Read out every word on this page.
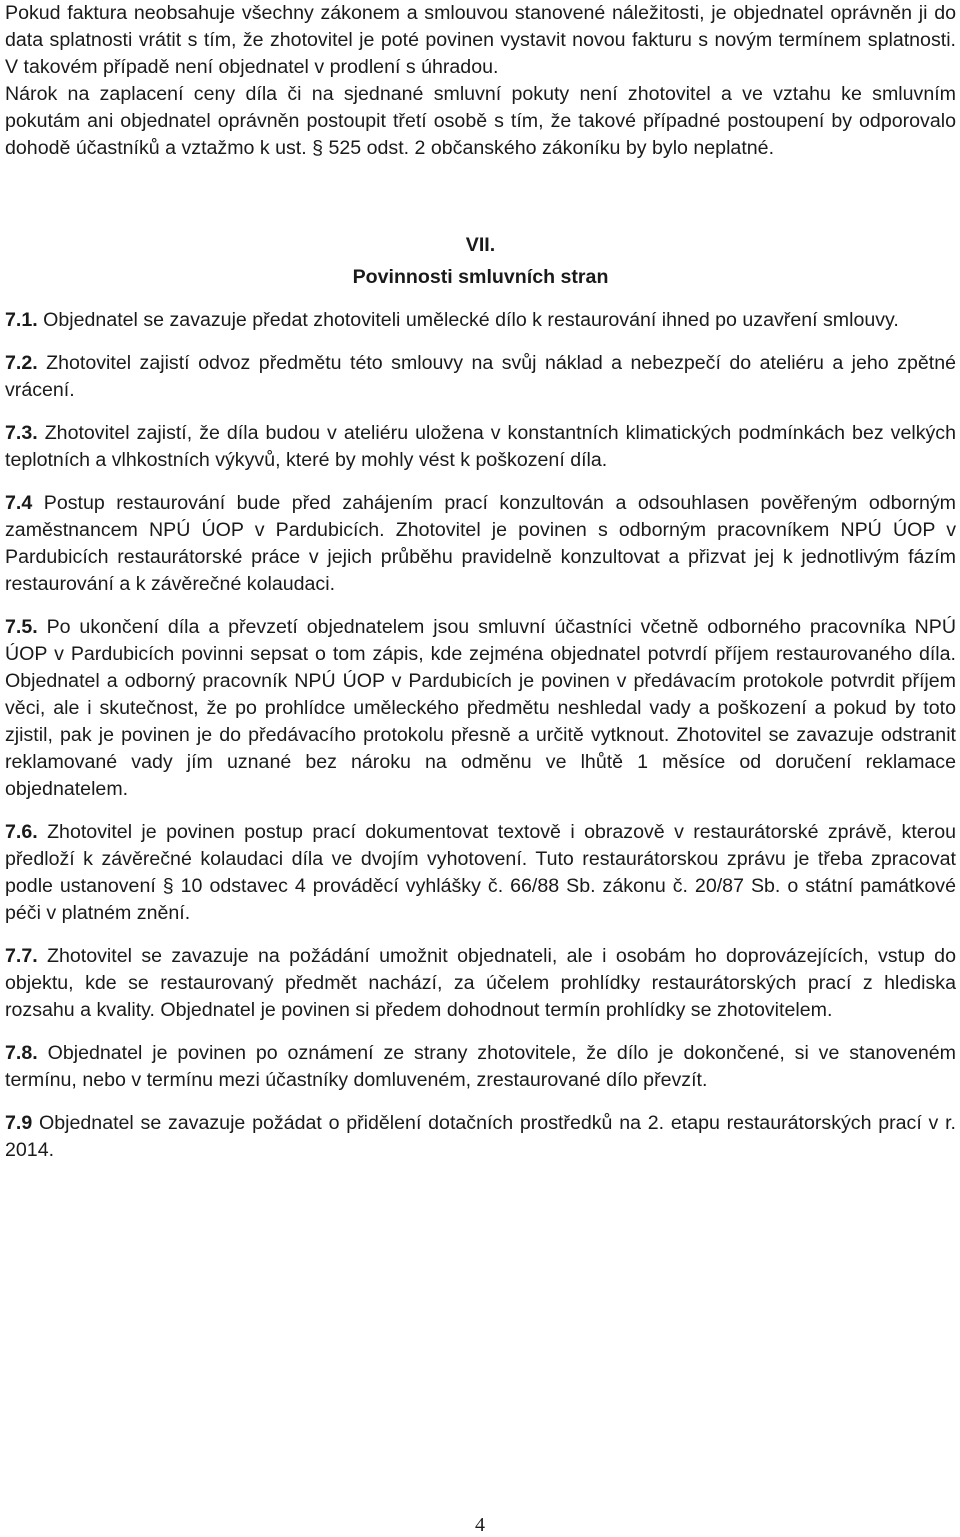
Pokud faktura neobsahuje všechny zákonem a smlouvou stanovené náležitosti, je objednatel oprávněn ji do data splatnosti vrátit s tím, že zhotovitel je poté povinen vystavit novou fakturu s novým termínem splatnosti. V takovém případě není objednatel v prodlení s úhradou.

Nárok na zaplacení ceny díla či na sjednané smluvní pokuty není zhotovitel a ve vztahu ke smluvním pokutám ani objednatel oprávněn postoupit třetí osobě s tím, že takové případné postoupení by odporovalo dohodě účastníků a vztažmo k ust. § 525 odst. 2 občanského zákoníku by bylo neplatné.

VII.

Povinnosti smluvních stran

7.1. Objednatel se zavazuje předat zhotoviteli umělecké dílo k restaurování ihned po uzavření smlouvy.

7.2. Zhotovitel zajistí odvoz předmětu této smlouvy na svůj náklad a nebezpečí do ateliéru a jeho zpětné vrácení.

7.3. Zhotovitel zajistí, že díla budou v ateliéru uložena v konstantních klimatických podmínkách bez velkých teplotních a vlhkostních výkyvů, které by mohly vést k poškození díla.

7.4 Postup restaurování bude před zahájením prací konzultován a odsouhlasen pověřeným odborným zaměstnancem NPÚ ÚOP v Pardubicích. Zhotovitel je povinen s odborným pracovníkem NPÚ ÚOP v Pardubicích restaurátorské práce v jejich průběhu pravidelně konzultovat a přizvat jej k jednotlivým fázím restaurování a k závěrečné kolaudaci.

7.5. Po ukončení díla a převzetí objednatelem jsou smluvní účastníci včetně odborného pracovníka NPÚ ÚOP v Pardubicích povinni sepsat o tom zápis, kde zejména objednatel potvrdí příjem restaurovaného díla. Objednatel a odborný pracovník NPÚ ÚOP v Pardubicích je povinen v předávacím protokole potvrdit příjem věci, ale i skutečnost, že po prohlídce uměleckého předmětu neshledal vady a poškození a pokud by toto zjistil, pak je povinen je do předávacího protokolu přesně a určitě vytknout. Zhotovitel se zavazuje odstranit reklamované vady jím uznané bez nároku na odměnu ve lhůtě 1 měsíce od doručení reklamace objednatelem.

7.6. Zhotovitel je povinen postup prací dokumentovat textově i obrazově v restaurátorské zprávě, kterou předloží k závěrečné kolaudaci díla ve dvojím vyhotovení. Tuto restaurátorskou zprávu je třeba zpracovat podle ustanovení § 10 odstavec 4 prováděcí vyhlášky č. 66/88 Sb. zákonu č. 20/87 Sb. o státní památkové péči v platném znění.

7.7. Zhotovitel se zavazuje na požádání umožnit objednateli, ale i osobám ho doprovázejících, vstup do objektu, kde se restaurovaný předmět nachází, za účelem prohlídky restaurátorských prací z hlediska rozsahu a kvality. Objednatel je povinen si předem dohodnout termín prohlídky se zhotovitelem.

7.8. Objednatel je povinen po oznámení ze strany zhotovitele, že dílo je dokončené, si ve stanoveném termínu, nebo v termínu mezi účastníky domluveném, zrestaurované dílo převzít.

7.9 Objednatel se zavazuje požádat o přidělení dotačních prostředků na 2. etapu restaurátorských prací v r. 2014.

4
